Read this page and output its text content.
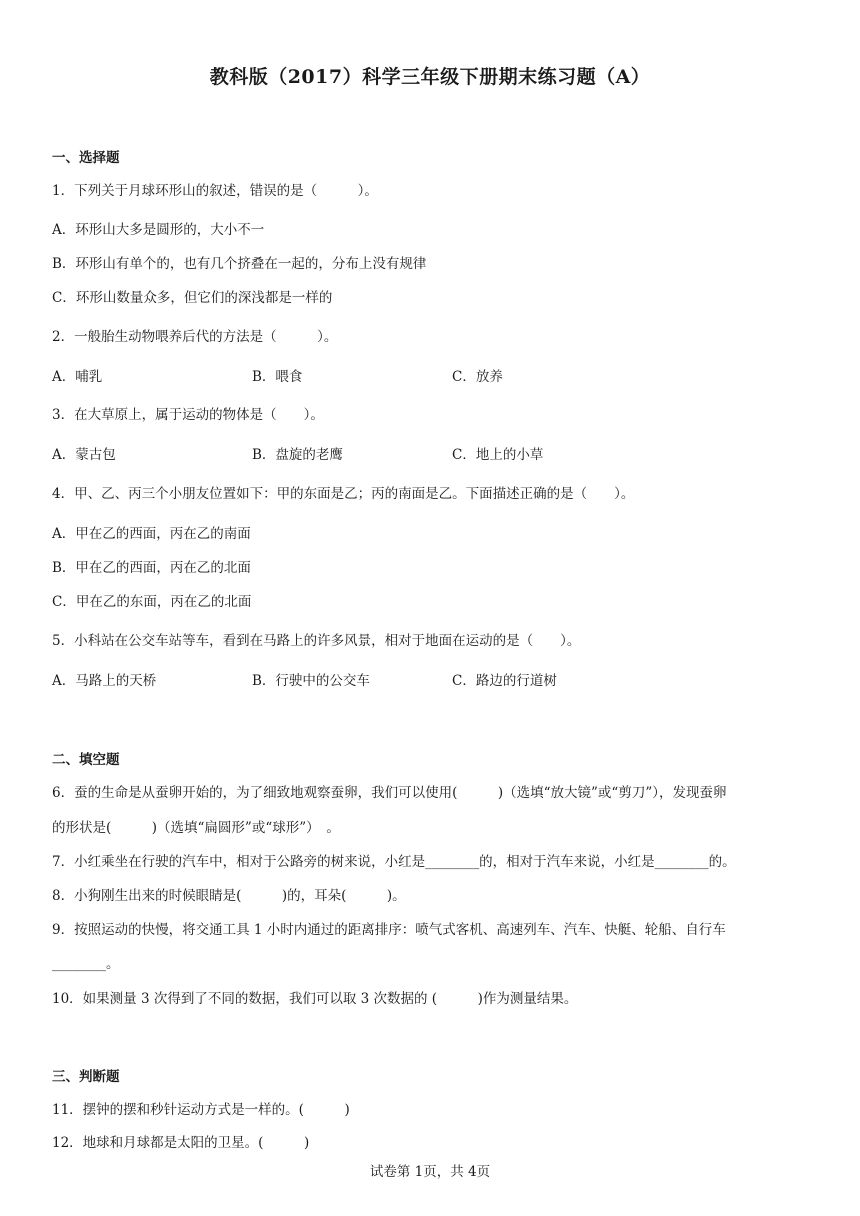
教科版（2017）科学三年级下册期末练习题（A）
一、选择题
1．下列关于月球环形山的叙述，错误的是（　　　）。
A．环形山大多是圆形的，大小不一
B．环形山有单个的，也有几个挤叠在一起的，分布上没有规律
C．环形山数量众多，但它们的深浅都是一样的
2．一般胎生动物喂养后代的方法是（　　　）。
A．哺乳	B．喂食	C．放养
3．在大草原上，属于运动的物体是（　　）。
A．蒙古包	B．盘旋的老鹰	C．地上的小草
4．甲、乙、丙三个小朋友位置如下：甲的东面是乙；丙的南面是乙。下面描述正确的是（　　）。
A．甲在乙的西面，丙在乙的南面
B．甲在乙的西面，丙在乙的北面
C．甲在乙的东面，丙在乙的北面
5．小科站在公交车站等车，看到在马路上的许多风景，相对于地面在运动的是（　　）。
A．马路上的天桥	B．行驶中的公交车	C．路边的行道树
二、填空题
6．蚕的生命是从蚕卵开始的，为了细致地观察蚕卵，我们可以使用(　　　)（选填“放大镜”或“剪刀”），发现蚕卵
的形状是(　　　)（选填“扁圆形”或“球形”）　。
7．小红乘坐在行驶的汽车中，相对于公路旁的树来说，小红是________的，相对于汽车来说，小红是________的。
8．小狗刚生出来的时候眼睛是(　　　)的，耳朵(　　　)。
9．按照运动的快慢，将交通工具 1 小时内通过的距离排序：喷气式客机、高速列车、汽车、快艇、轮船、自行车
________。
10．如果测量 3 次得到了不同的数据，我们可以取 3 次数据的 (　　　)作为测量结果。
三、判断题
11．摆钟的摆和秒针运动方式是一样的。(　　　)
12．地球和月球都是太阳的卫星。(　　　)
试卷第 1页，共 4页
